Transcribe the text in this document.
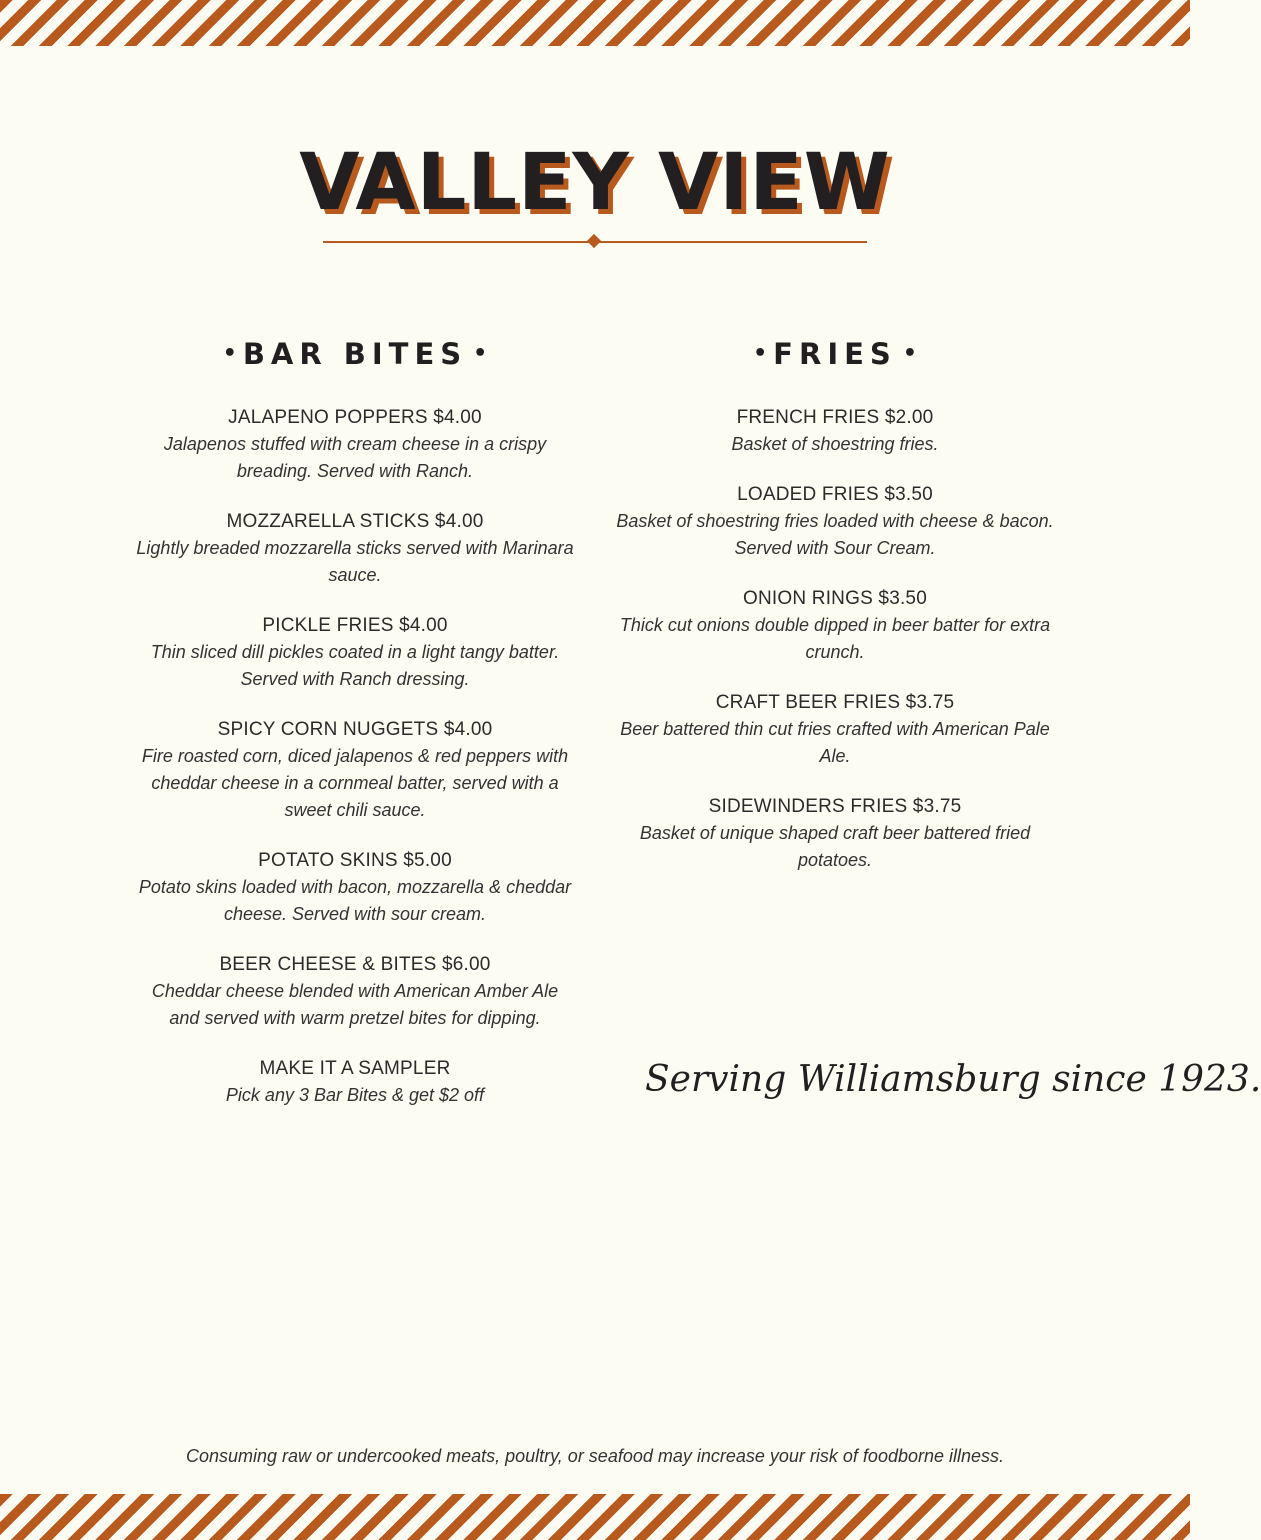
VALLEY VIEW
• BAR BITES •
JALAPENO POPPERS $4.00
Jalapenos stuffed with cream cheese in a crispy breading. Served with Ranch.
MOZZARELLA STICKS $4.00
Lightly breaded mozzarella sticks served with Marinara sauce.
PICKLE FRIES $4.00
Thin sliced dill pickles coated in a light tangy batter. Served with Ranch dressing.
SPICY CORN NUGGETS $4.00
Fire roasted corn, diced jalapenos & red peppers with cheddar cheese in a cornmeal batter, served with a sweet chili sauce.
POTATO SKINS $5.00
Potato skins loaded with bacon, mozzarella & cheddar cheese. Served with sour cream.
BEER CHEESE & BITES $6.00
Cheddar cheese blended with American Amber Ale and served with warm pretzel bites for dipping.
MAKE IT A SAMPLER
Pick any 3 Bar Bites & get $2 off
• FRIES •
FRENCH FRIES $2.00
Basket of shoestring fries.
LOADED FRIES $3.50
Basket of shoestring fries loaded with cheese & bacon. Served with Sour Cream.
ONION RINGS $3.50
Thick cut onions double dipped in beer batter for extra crunch.
CRAFT BEER FRIES $3.75
Beer battered thin cut fries crafted with American Pale Ale.
SIDEWINDERS FRIES $3.75
Basket of unique shaped craft beer battered fried potatoes.
Serving Williamsburg since 1923.
Consuming raw or undercooked meats, poultry, or seafood may increase your risk of foodborne illness.
